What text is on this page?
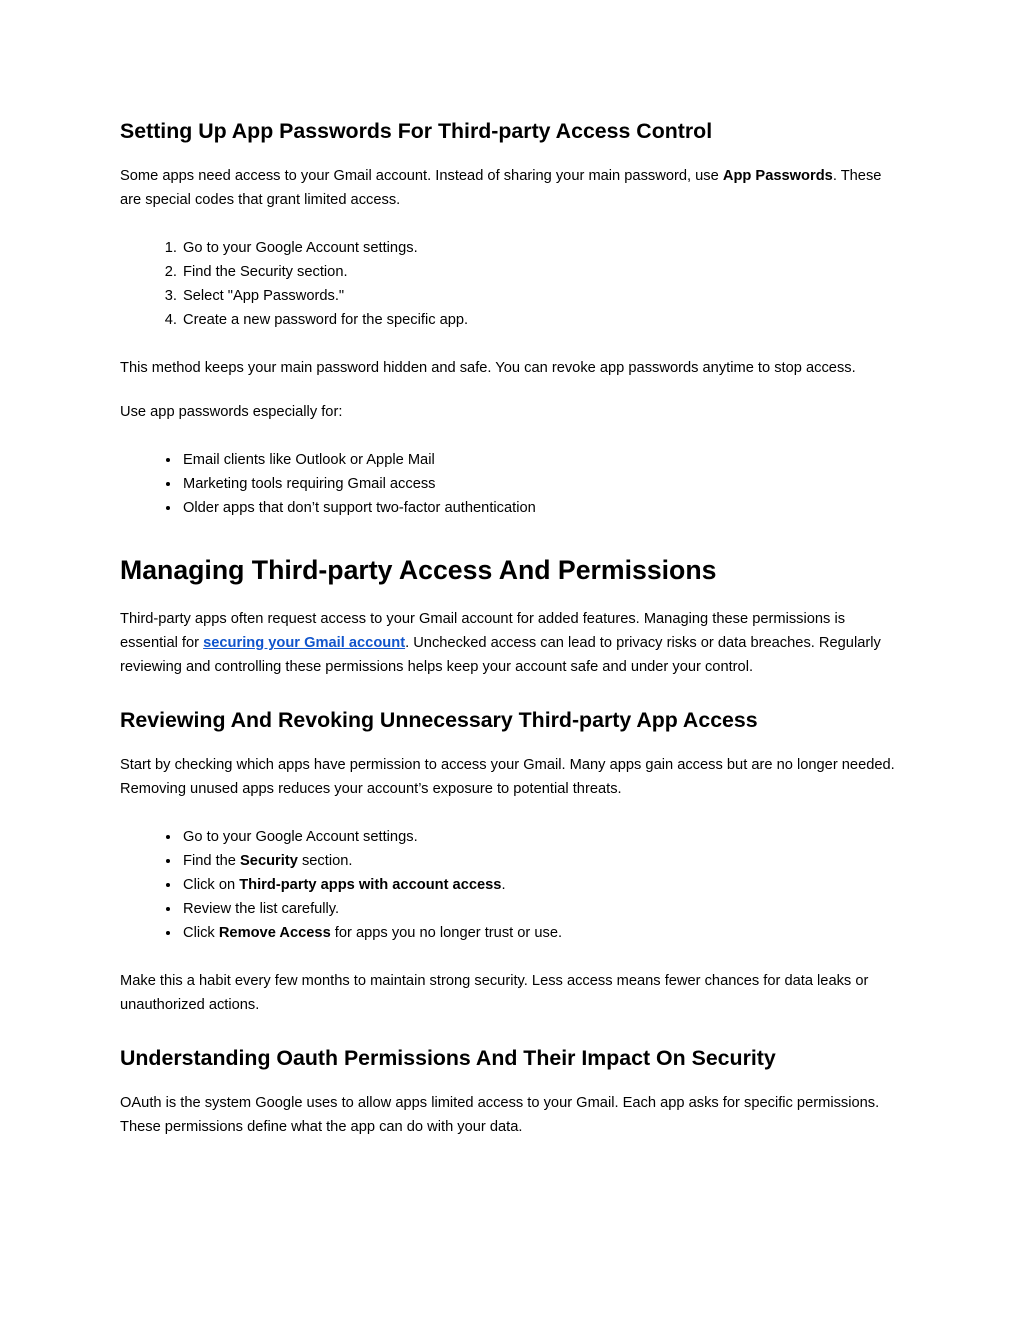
Setting Up App Passwords For Third-party Access Control

Some apps need access to your Gmail account. Instead of sharing your main password, use App Passwords. These are special codes that grant limited access.

1. Go to your Google Account settings.
2. Find the Security section.
3. Select "App Passwords."
4. Create a new password for the specific app.

This method keeps your main password hidden and safe. You can revoke app passwords anytime to stop access.

Use app passwords especially for:

• Email clients like Outlook or Apple Mail
• Marketing tools requiring Gmail access
• Older apps that don’t support two-factor authentication
Managing Third-party Access And Permissions

Third-party apps often request access to your Gmail account for added features. Managing these permissions is essential for securing your Gmail account. Unchecked access can lead to privacy risks or data breaches. Regularly reviewing and controlling these permissions helps keep your account safe and under your control.

Reviewing And Revoking Unnecessary Third-party App Access

Start by checking which apps have permission to access your Gmail. Many apps gain access but are no longer needed. Removing unused apps reduces your account’s exposure to potential threats.

• Go to your Google Account settings.
• Find the Security section.
• Click on Third-party apps with account access.
• Review the list carefully.
• Click Remove Access for apps you no longer trust or use.

Make this a habit every few months to maintain strong security. Less access means fewer chances for data leaks or unauthorized actions.

Understanding Oauth Permissions And Their Impact On Security

OAuth is the system Google uses to allow apps limited access to your Gmail. Each app asks for specific permissions. These permissions define what the app can do with your data.
